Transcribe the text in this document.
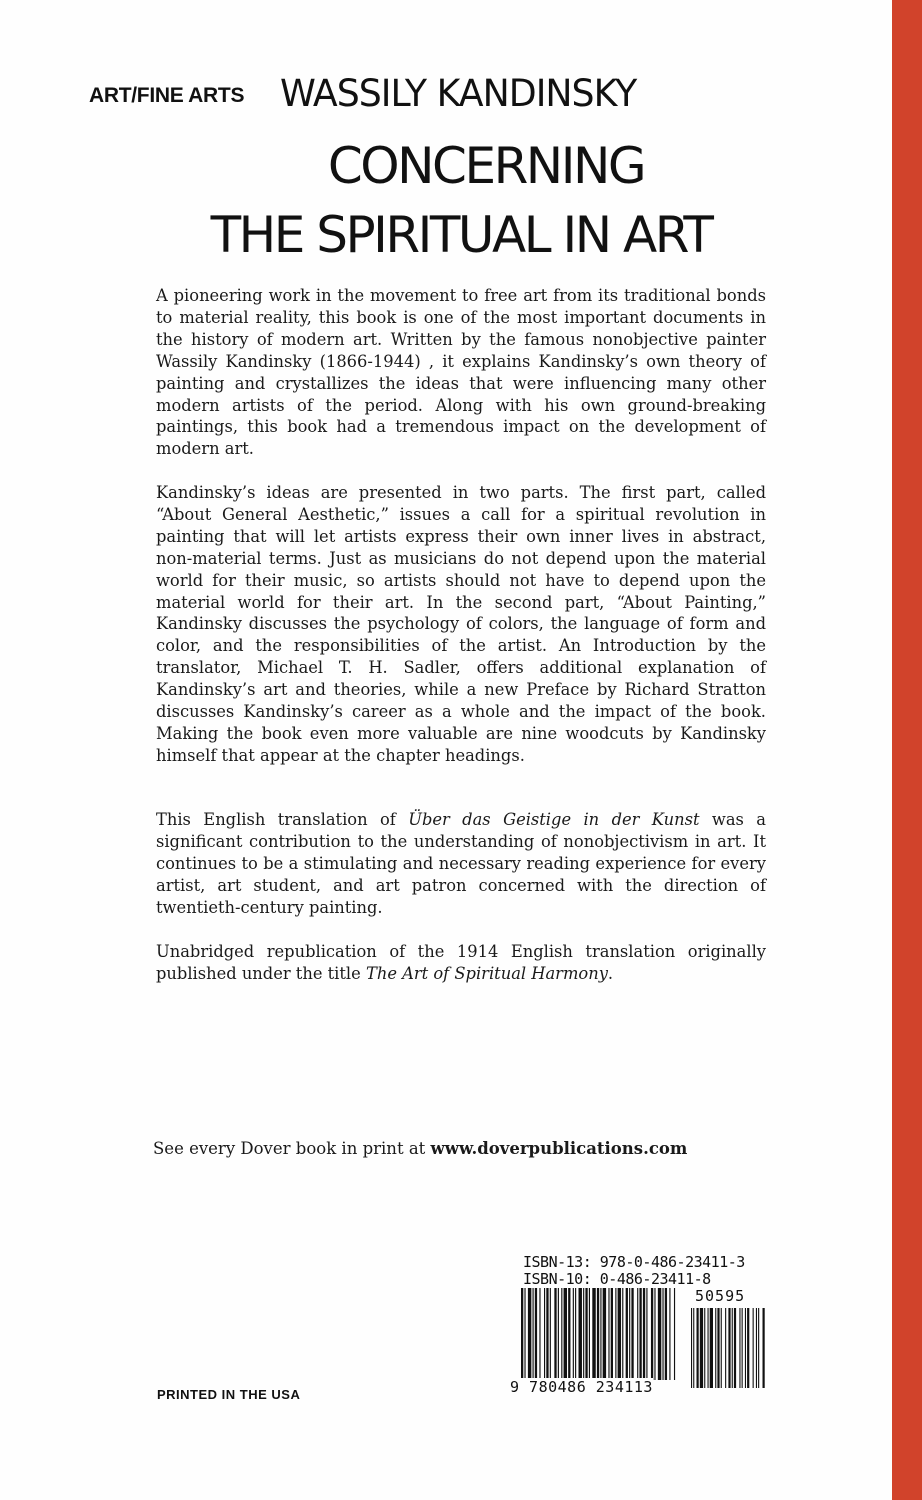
ART/FINE ARTS WASSILY KANDINSKY
CONCERNING
THE SPIRITUAL IN ART

A pioneering work in the movement to free art from its traditional bonds to material reality, this book is one of the most important documents in the history of modern art. Written by the famous nonobjective painter Wassily Kandinsky (1866-1944) , it explains Kandinsky’s own theory of painting and crystallizes the ideas that were influencing many other modern artists of the period. Along with his own ground-breaking paintings, this book had a tremendous impact on the development of modern art.

Kandinsky’s ideas are presented in two parts. The first part, called “About General Aesthetic,” issues a call for a spiritual revolution in painting that will let artists express their own inner lives in abstract, non-material terms. Just as musicians do not depend upon the material world for their music, so artists should not have to depend upon the material world for their art. In the second part, “About Painting,” Kandinsky discusses the psychology of colors, the language of form and color, and the responsibilities of the artist. An Introduction by the translator, Michael T. H. Sadler, offers additional explanation of Kandinsky’s art and theories, while a new Preface by Richard Stratton discusses Kandinsky’s career as a whole and the impact of the book. Making the book even more valuable are nine woodcuts by Kandinsky himself that appear at the chapter headings.

This English translation of Über das Geistige in der Kunst was a significant contribution to the understanding of nonobjectivism in art. It continues to be a stimulating and necessary reading experience for every artist, art student, and art patron concerned with the direction of twentieth-century painting.

Unabridged republication of the 1914 English translation originally published under the title The Art of Spiritual Harmony.

See every Dover book in print at www.doverpublications.com
PRINTED IN THE USA
ISBN-13: 978-0-486-23411-3
ISBN-10: 0-486-23411-8
50595
9 780486 234113
